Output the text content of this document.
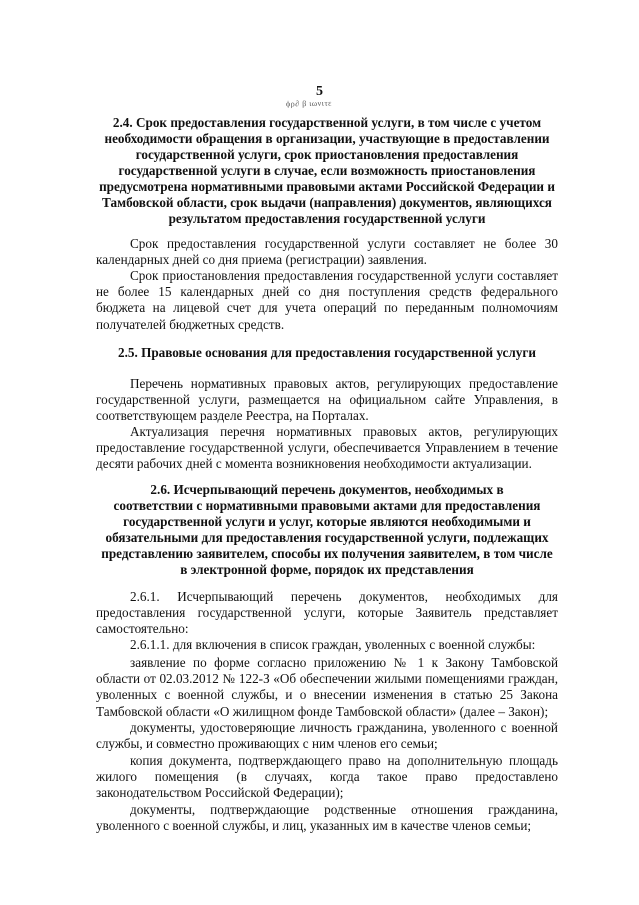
5
ϕρ∂ β ιωνιτε
2.4. Срок предоставления государственной услуги, в том числе с учетом
необходимости обращения в организации, участвующие в предоставлении
государственной услуги, срок приостановления предоставления
государственной услуги в случае, если возможность приостановления
предусмотрена нормативными правовыми актами Российской Федерации и
Тамбовской области, срок выдачи (направления) документов, являющихся
результатом предоставления государственной услуги
Срок предоставления государственной услуги составляет не более 30
календарных дней со дня приема (регистрации) заявления.
Срок приостановления предоставления государственной услуги составляет
не более 15 календарных дней со дня поступления средств федерального
бюджета на лицевой счет для учета операций по переданным полномочиям
получателей бюджетных средств.
2.5. Правовые основания для предоставления государственной услуги
Перечень нормативных правовых актов, регулирующих предоставление
государственной услуги, размещается на официальном сайте Управления, в
соответствующем разделе Реестра, на Порталах.
Актуализация перечня нормативных правовых актов, регулирующих
предоставление государственной услуги, обеспечивается Управлением в течение
десяти рабочих дней с момента возникновения необходимости актуализации.
2.6. Исчерпывающий перечень документов, необходимых в
соответствии с нормативными правовыми актами для предоставления
государственной услуги и услуг, которые являются необходимыми и
обязательными для предоставления государственной услуги, подлежащих
представлению заявителем, способы их получения заявителем, в том числе
в электронной форме, порядок их представления
2.6.1. Исчерпывающий перечень документов, необходимых для
предоставления государственной услуги, которые Заявитель представляет
самостоятельно:
2.6.1.1. для включения в список граждан, уволенных с военной службы:
заявление по форме согласно приложению № 1 к Закону Тамбовской
области от 02.03.2012 № 122-З «Об обеспечении жилыми помещениями граждан,
уволенных с военной службы, и о внесении изменения в статью 25 Закона
Тамбовской области «О жилищном фонде Тамбовской области» (далее – Закон);
документы, удостоверяющие личность гражданина, уволенного с военной
службы, и совместно проживающих с ним членов его семьи;
копия документа, подтверждающего право на дополнительную площадь
жилого помещения (в случаях, когда такое право предоставлено
законодательством Российской Федерации);
документы, подтверждающие родственные отношения гражданина,
уволенного с военной службы, и лиц, указанных им в качестве членов семьи;
